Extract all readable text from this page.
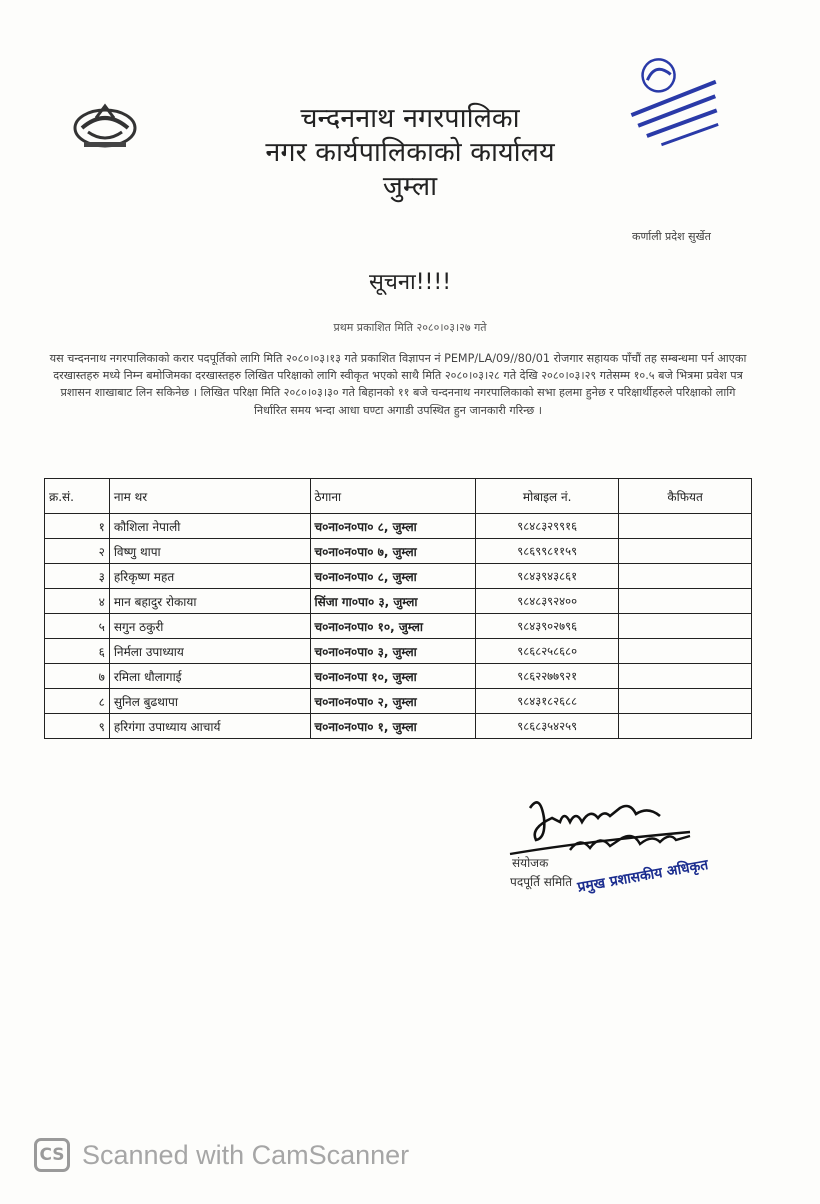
चन्दननाथ नगरपालिका
नगर कार्यपालिकाको कार्यालय
जुम्ला
कर्णाली प्रदेश सुर्खेत
सूचना!!!!
प्रथम प्रकाशित मिति २०८०।०३।२७ गते
यस चन्दननाथ नगरपालिकाको करार पदपूर्तिको लागि मिति २०८०।०३।१३ गते प्रकाशित विज्ञापन नं PEMP/LA/09//80/01 रोजगार सहायक पाँचौं तह सम्बन्धमा पर्न आएका दरखास्तहरु मध्ये निम्न बमोजिमका दरखास्तहरु लिखित परिक्षाको लागि स्वीकृत भएको साथै मिति २०८०।०३।२८ गते देखि २०८०।०३।२९ गतेसम्म १०.५ बजे भित्रमा प्रवेश पत्र प्रशासन शाखाबाट लिन सकिनेछ । लिखित परिक्षा मिति २०८०।०३।३० गते बिहानको ११ बजे चन्दननाथ नगरपालिकाको सभा हलमा हुनेछ र परिक्षार्थीहरुले परिक्षाको लागि निर्धारित समय भन्दा आधा घण्टा अगाडी उपस्थित हुन जानकारी गरिन्छ ।
क्र.सं.	नाम थर	ठेगाना	मोबाइल नं.	कैफियत
१	कौशिला नेपाली	च०ना०न०पा० ८, जुम्ला	९८४८३२९९१६	
२	विष्णु थापा	च०ना०न०पा० ७, जुम्ला	९८६९९८११५९	
३	हरिकृष्ण महत	च०ना०न०पा० ८, जुम्ला	९८४३९४३८६१	
४	मान बहादुर रोकाया	सिंजा गा०पा० ३, जुम्ला	९८४८३९२४००	
५	सगुन ठकुरी	च०ना०न०पा० १०, जुम्ला	९८४३९०२७९६	
६	निर्मला उपाध्याय	च०ना०न०पा० ३, जुम्ला	९८६८२५८६८०	
७	रमिला धौलागाई	च०ना०न०पा १०, जुम्ला	९८६२२७७९२१	
८	सुनिल बुढथापा	च०ना०न०पा० २, जुम्ला	९८४३१८२६८८	
९	हरिगंगा उपाध्याय आचार्य	च०ना०न०पा० १, जुम्ला	९८६८३५४२५९	
संयोजक
पदपूर्ति समिति प्रमुख प्रशासकीय अधिकृत
CS Scanned with CamScanner
